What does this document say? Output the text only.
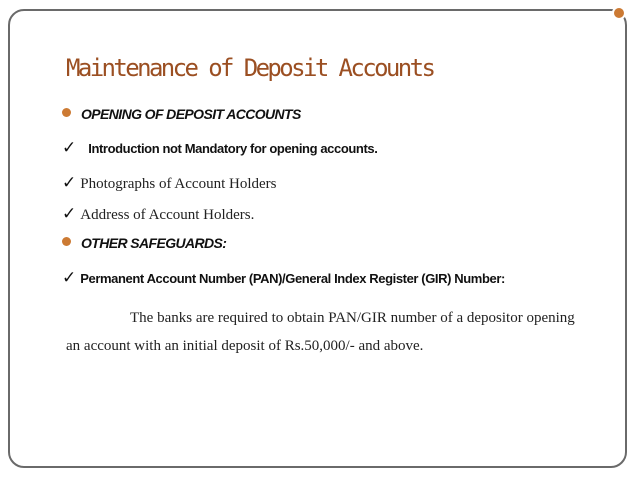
Maintenance of Deposit Accounts
OPENING OF DEPOSIT ACCOUNTS
✓ Introduction not Mandatory for opening accounts.
✓ Photographs of Account Holders
✓ Address of Account Holders.
OTHER SAFEGUARDS:
✓ Permanent Account Number (PAN)/General Index Register (GIR) Number:

The banks are required to obtain PAN/GIR number of a depositor opening an account with an initial deposit of Rs.50,000/- and above.
